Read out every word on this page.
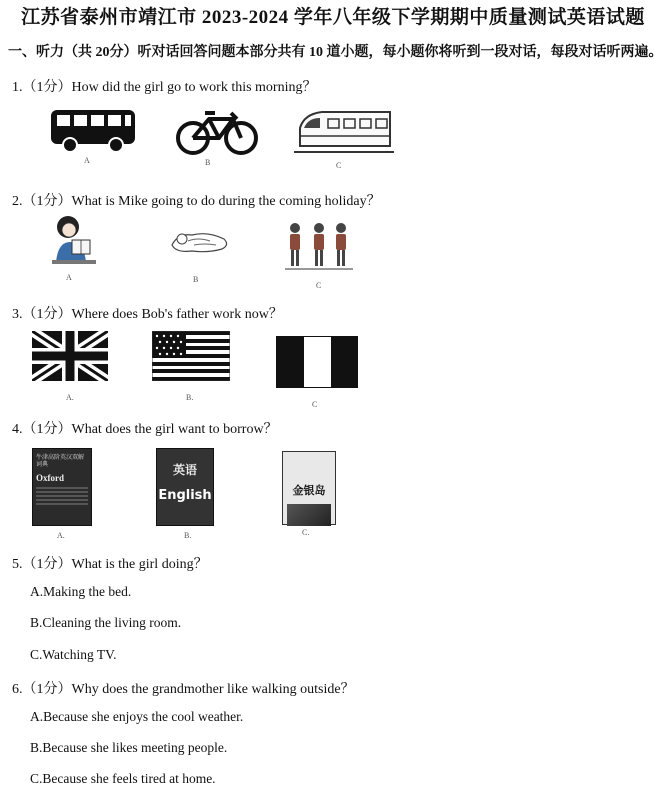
江苏省泰州市靖江市 2023-2024 学年八年级下学期期中质量测试英语试题
一、听力（共 20分）听对话回答问题本部分共有 10 道小题，每小题你将听到一段对话，每段对话听两遍。
1.（1分）How did the girl go to work this morning？
A	B	C
2.（1分）What is Mike going to do during the coming holiday？
A	B
C
3.（1分）Where does Bob's father work now？
A.	B.
C
4.（1分）What does the girl want to borrow？
牛津高阶英汉双解词典
Oxford
A.
英语
English
B.
金银岛
C.
5.（1分）What is the girl doing？
A.Making the bed.
B.Cleaning the living room.
C.Watching TV.
6.（1分）Why does the grandmother like walking outside？
A.Because she enjoys the cool weather.
B.Because she likes meeting people.
C.Because she feels tired at home.
